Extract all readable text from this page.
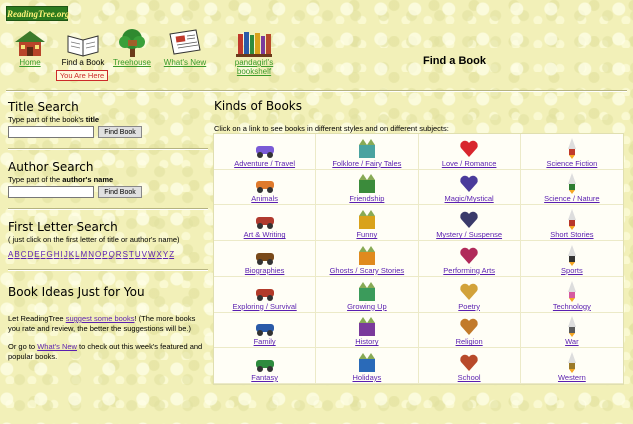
ReadingTree.org
Home	Find a Book Treehouse What's New	pandagirl's bookshelf
You Are Here
Find a Book
Title Search
Type part of the book's title
Find Book
Author Search
Type part of the author's name
Find Book
First Letter Search
( just click on the first letter of title or author's name)
ABCDEFGHIJKLMNOPQRSTUVWXYZ
Book Ideas Just for You

Let ReadingTree suggest some books! (The more books you rate and review, the better the suggestions will be.)

Or go to What's New to check out this week's featured and popular books.

Kinds of Books
Click on a link to see books in different styles and on different subjects:
Adventure / Travel	Folklore / Fairy Tales	Love / Romance	Science Fiction
Animals	Friendship	Magic/Mystical	Science / Nature
Art & Writing	Funny	Mystery / Suspense	Short Stories
Biographies	Ghosts / Scary Stories	Performing Arts	Sports
Exploring / Survival	Growing Up	Poetry	Technology
Family	History	Religion	War
Fantasy	Holidays	School	Western
